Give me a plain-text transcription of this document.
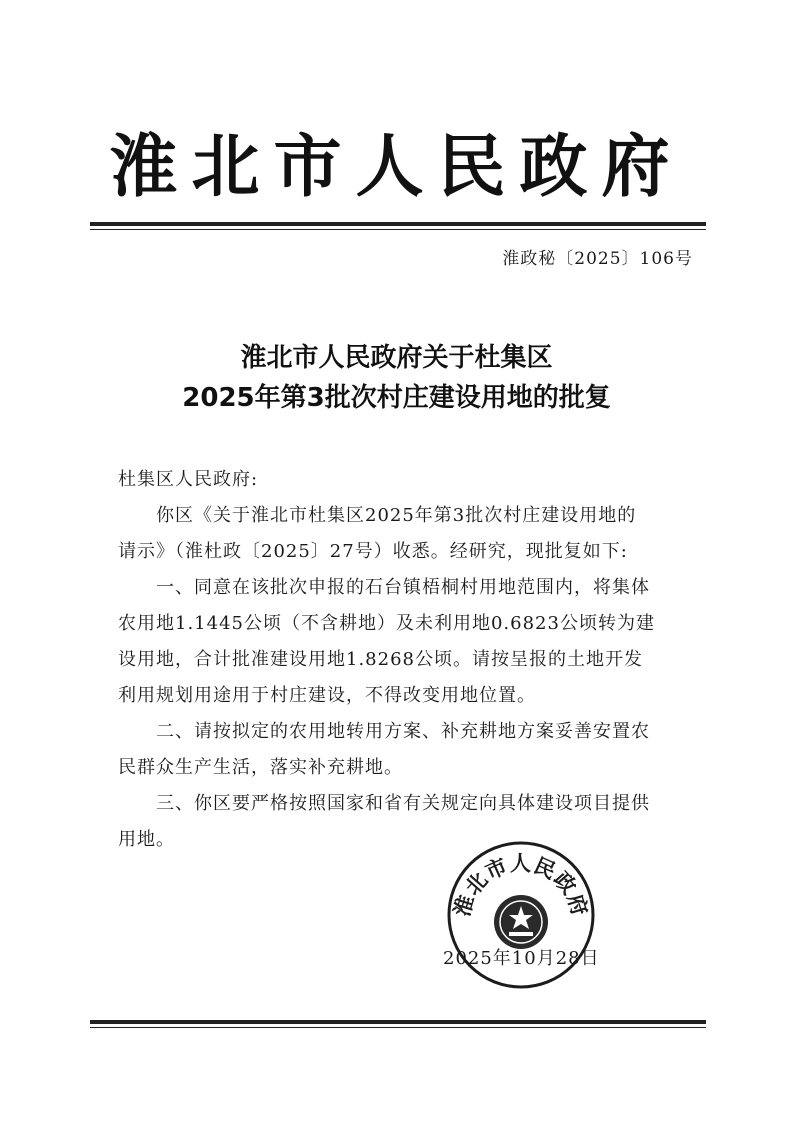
淮北市人民政府
淮政秘〔2025〕106号
淮北市人民政府关于杜集区
2025年第3批次村庄建设用地的批复
杜集区人民政府:
你区《关于淮北市杜集区2025年第3批次村庄建设用地的
请示》（淮杜政〔2025〕27号）收悉。经研究，现批复如下:
一、同意在该批次申报的石台镇梧桐村用地范围内，将集体
农用地1.1445公顷（不含耕地）及未利用地0.6823公顷转为建
设用地，合计批准建设用地1.8268公顷。请按呈报的土地开发
利用规划用途用于村庄建设，不得改变用地位置。
二、请按拟定的农用地转用方案、补充耕地方案妥善安置农
民群众生产生活，落实补充耕地。
三、你区要严格按照国家和省有关规定向具体建设项目提供
用地。
淮北市人民政府
2025年10月28日
